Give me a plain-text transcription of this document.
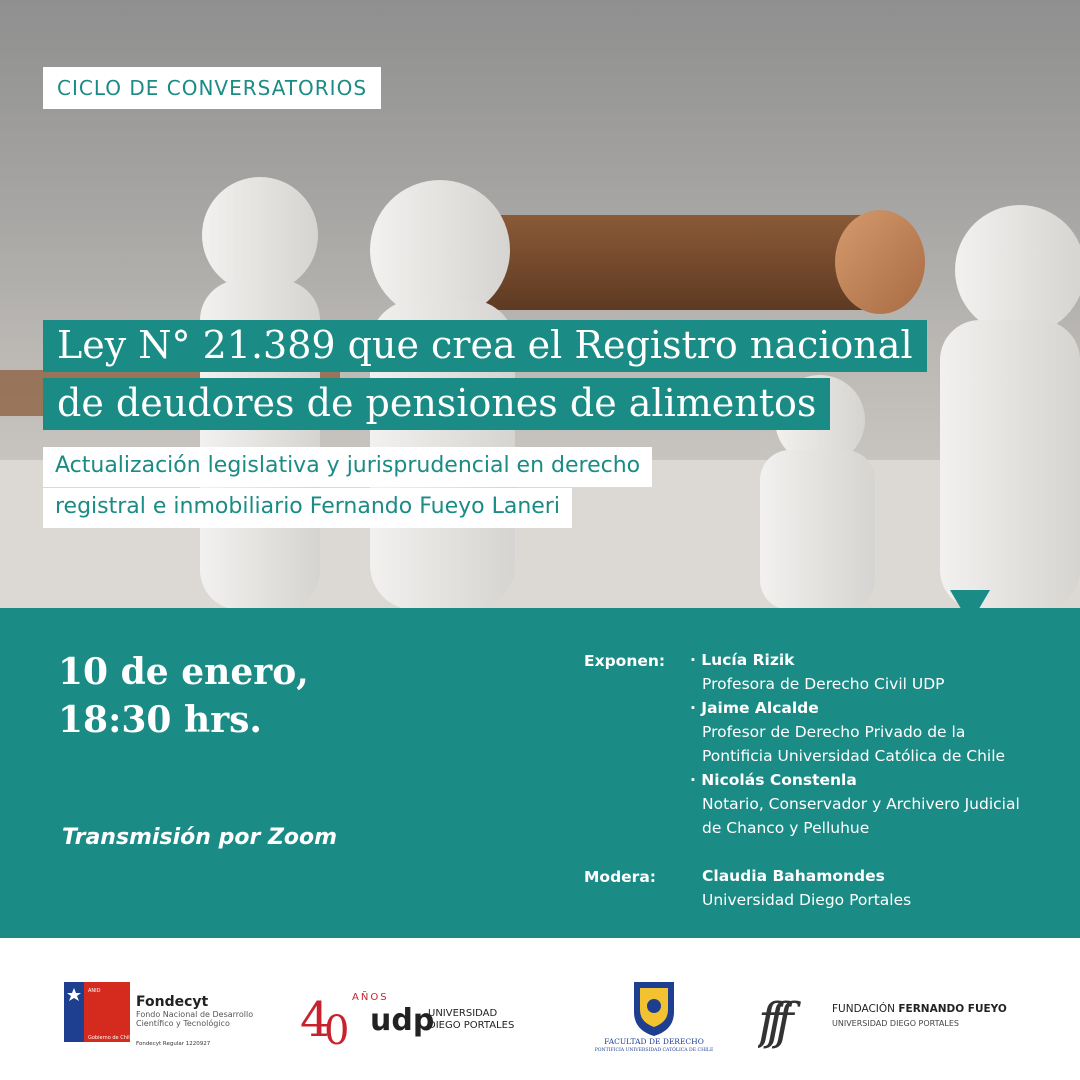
CICLO DE CONVERSATORIOS
Ley N° 21.389 que crea el Registro nacional
de deudores de pensiones de alimentos
Actualización legislativa y jurisprudencial en derecho
registral e inmobiliario Fernando Fueyo Laneri
10 de enero,
18:30 hrs.
Transmisión por Zoom
Exponen: · Lucía Rizik
Profesora de Derecho Civil UDP
· Jaime Alcalde
Profesor de Derecho Privado de la
Pontificia Universidad Católica de Chile
· Nicolás Constenla
Notario, Conservador y Archivero Judicial
de Chanco y Pelluhue
Modera:	Claudia Bahamondes
Universidad Diego Portales
ANID
Gobierno de Chile
Fondecyt
Fondo Nacional de Desarrollo
Científico y Tecnológico
Fondecyt Regular 1220927 4
0
AÑOS
udp
UNIVERSIDAD
DIEGO PORTALES
FACULTAD DE DERECHO
PONTIFICIA UNIVERSIDAD CATÓLICA DE CHILE
fff	FUNDACIÓN FERNANDO FUEYO
UNIVERSIDAD DIEGO PORTALES
